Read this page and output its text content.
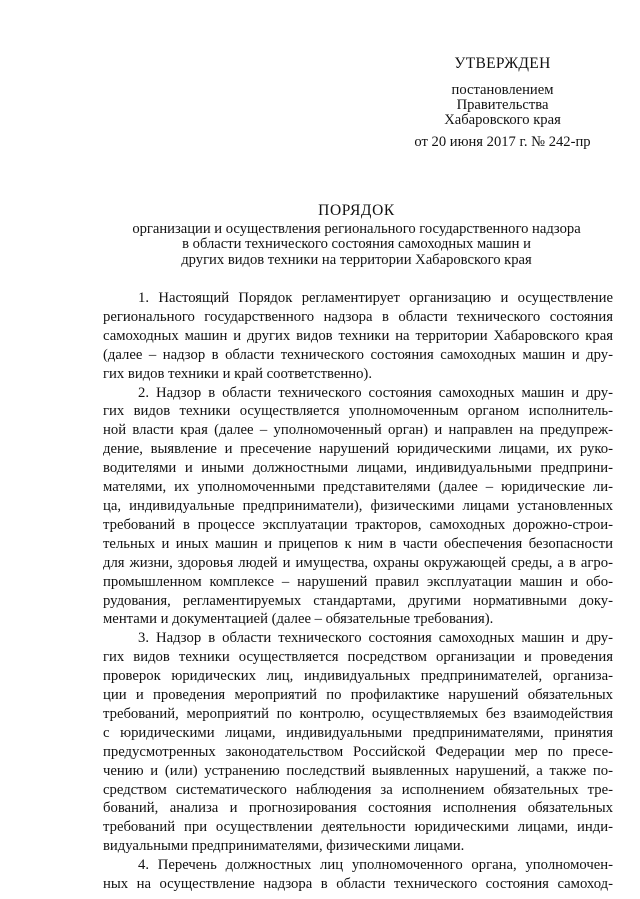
УТВЕРЖДЕН
постановлением
Правительства
Хабаровского края
от 20 июня 2017 г. № 242-пр
ПОРЯДОК
организации и осуществления регионального государственного надзора
в области технического состояния самоходных машин и
других видов техники на территории Хабаровского края
1. Настоящий Порядок регламентирует организацию и осуществление
регионального государственного надзора в области технического состояния
самоходных машин и других видов техники на территории Хабаровского края
(далее – надзор в области технического состояния самоходных машин и дру-
гих видов техники и край соответственно).
2. Надзор в области технического состояния самоходных машин и дру-
гих видов техники осуществляется уполномоченным органом исполнитель-
ной власти края (далее – уполномоченный орган) и направлен на предупреж-
дение, выявление и пресечение нарушений юридическими лицами, их руко-
водителями и иными должностными лицами, индивидуальными предприни-
мателями, их уполномоченными представителями (далее – юридические ли-
ца, индивидуальные предприниматели), физическими лицами установленных
требований в процессе эксплуатации тракторов, самоходных дорожно-строи-
тельных и иных машин и прицепов к ним в части обеспечения безопасности
для жизни, здоровья людей и имущества, охраны окружающей среды, а в агро-
промышленном комплексе – нарушений правил эксплуатации машин и обо-
рудования, регламентируемых стандартами, другими нормативными доку-
ментами и документацией (далее – обязательные требования).
3. Надзор в области технического состояния самоходных машин и дру-
гих видов техники осуществляется посредством организации и проведения
проверок юридических лиц, индивидуальных предпринимателей, организа-
ции и проведения мероприятий по профилактике нарушений обязательных
требований, мероприятий по контролю, осуществляемых без взаимодействия
с юридическими лицами, индивидуальными предпринимателями, принятия
предусмотренных законодательством Российской Федерации мер по пресе-
чению и (или) устранению последствий выявленных нарушений, а также по-
средством систематического наблюдения за исполнением обязательных тре-
бований, анализа и прогнозирования состояния исполнения обязательных
требований при осуществлении деятельности юридическими лицами, инди-
видуальными предпринимателями, физическими лицами.
4. Перечень должностных лиц уполномоченного органа, уполномочен-
ных на осуществление надзора в области технического состояния самоход-
